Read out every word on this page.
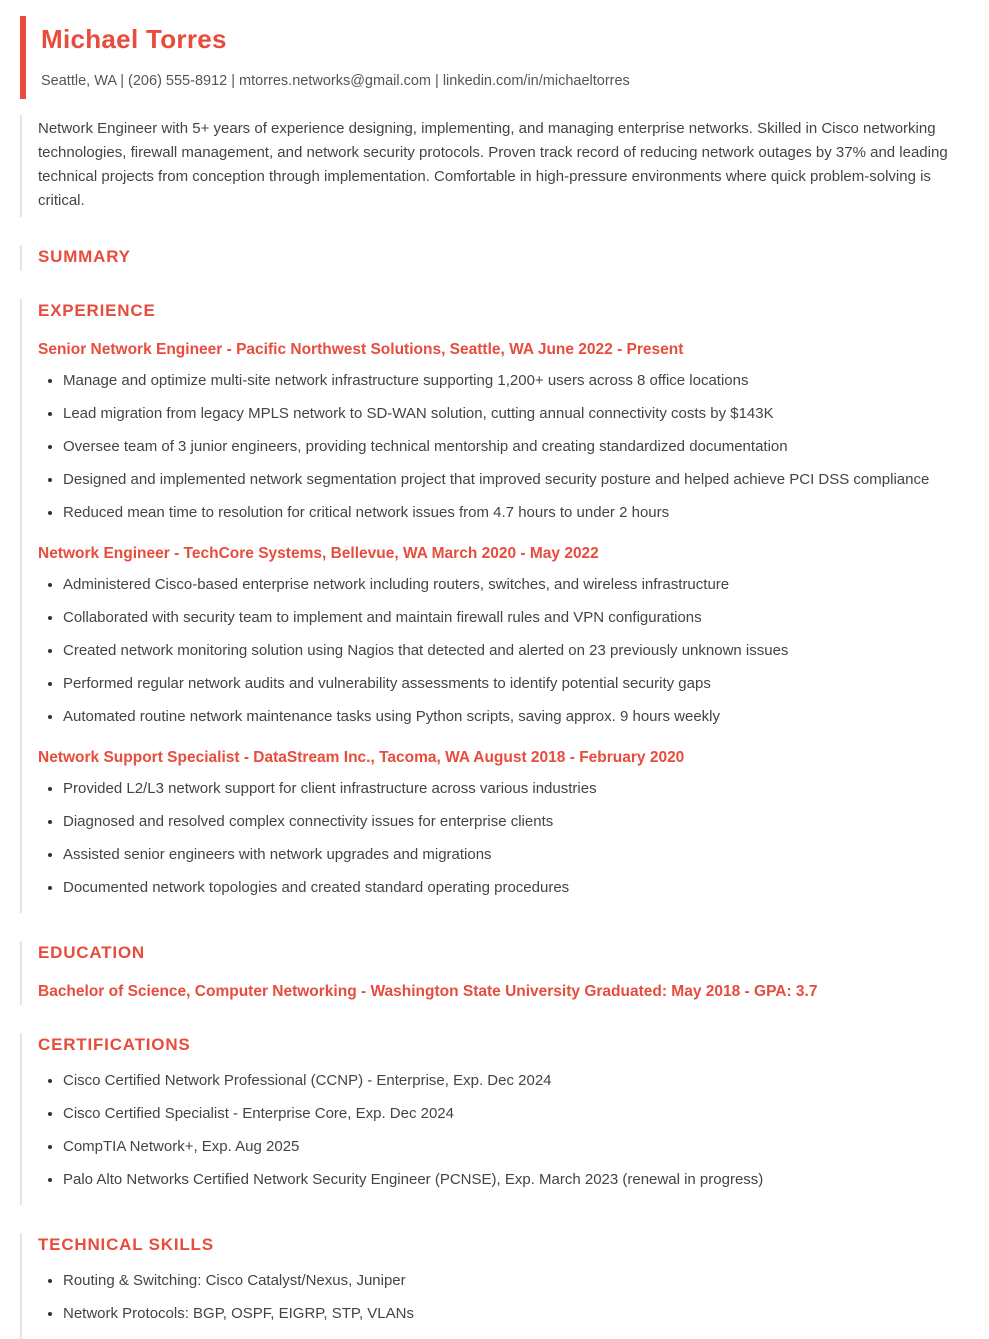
Michael Torres
Seattle, WA | (206) 555-8912 | mtorres.networks@gmail.com | linkedin.com/in/michaeltorres

Network Engineer with 5+ years of experience designing, implementing, and managing enterprise networks. Skilled in Cisco networking technologies, firewall management, and network security protocols. Proven track record of reducing network outages by 37% and leading technical projects from conception through implementation. Comfortable in high-pressure environments where quick problem-solving is critical.

SUMMARY
EXPERIENCE
Senior Network Engineer - Pacific Northwest Solutions, Seattle, WA June 2022 - Present
• Manage and optimize multi-site network infrastructure supporting 1,200+ users across 8 office locations
• Lead migration from legacy MPLS network to SD-WAN solution, cutting annual connectivity costs by $143K
• Oversee team of 3 junior engineers, providing technical mentorship and creating standardized documentation
• Designed and implemented network segmentation project that improved security posture and helped achieve PCI DSS compliance
• Reduced mean time to resolution for critical network issues from 4.7 hours to under 2 hours
Network Engineer - TechCore Systems, Bellevue, WA March 2020 - May 2022
• Administered Cisco-based enterprise network including routers, switches, and wireless infrastructure
• Collaborated with security team to implement and maintain firewall rules and VPN configurations
• Created network monitoring solution using Nagios that detected and alerted on 23 previously unknown issues
• Performed regular network audits and vulnerability assessments to identify potential security gaps
• Automated routine network maintenance tasks using Python scripts, saving approx. 9 hours weekly
Network Support Specialist - DataStream Inc., Tacoma, WA August 2018 - February 2020
• Provided L2/L3 network support for client infrastructure across various industries
• Diagnosed and resolved complex connectivity issues for enterprise clients
• Assisted senior engineers with network upgrades and migrations
• Documented network topologies and created standard operating procedures
EDUCATION
Bachelor of Science, Computer Networking - Washington State University Graduated: May 2018 - GPA: 3.7
CERTIFICATIONS
• Cisco Certified Network Professional (CCNP) - Enterprise, Exp. Dec 2024
• Cisco Certified Specialist - Enterprise Core, Exp. Dec 2024
• CompTIA Network+, Exp. Aug 2025
• Palo Alto Networks Certified Network Security Engineer (PCNSE), Exp. March 2023 (renewal in progress)
TECHNICAL SKILLS
• Routing & Switching: Cisco Catalyst/Nexus, Juniper
• Network Protocols: BGP, OSPF, EIGRP, STP, VLANs
